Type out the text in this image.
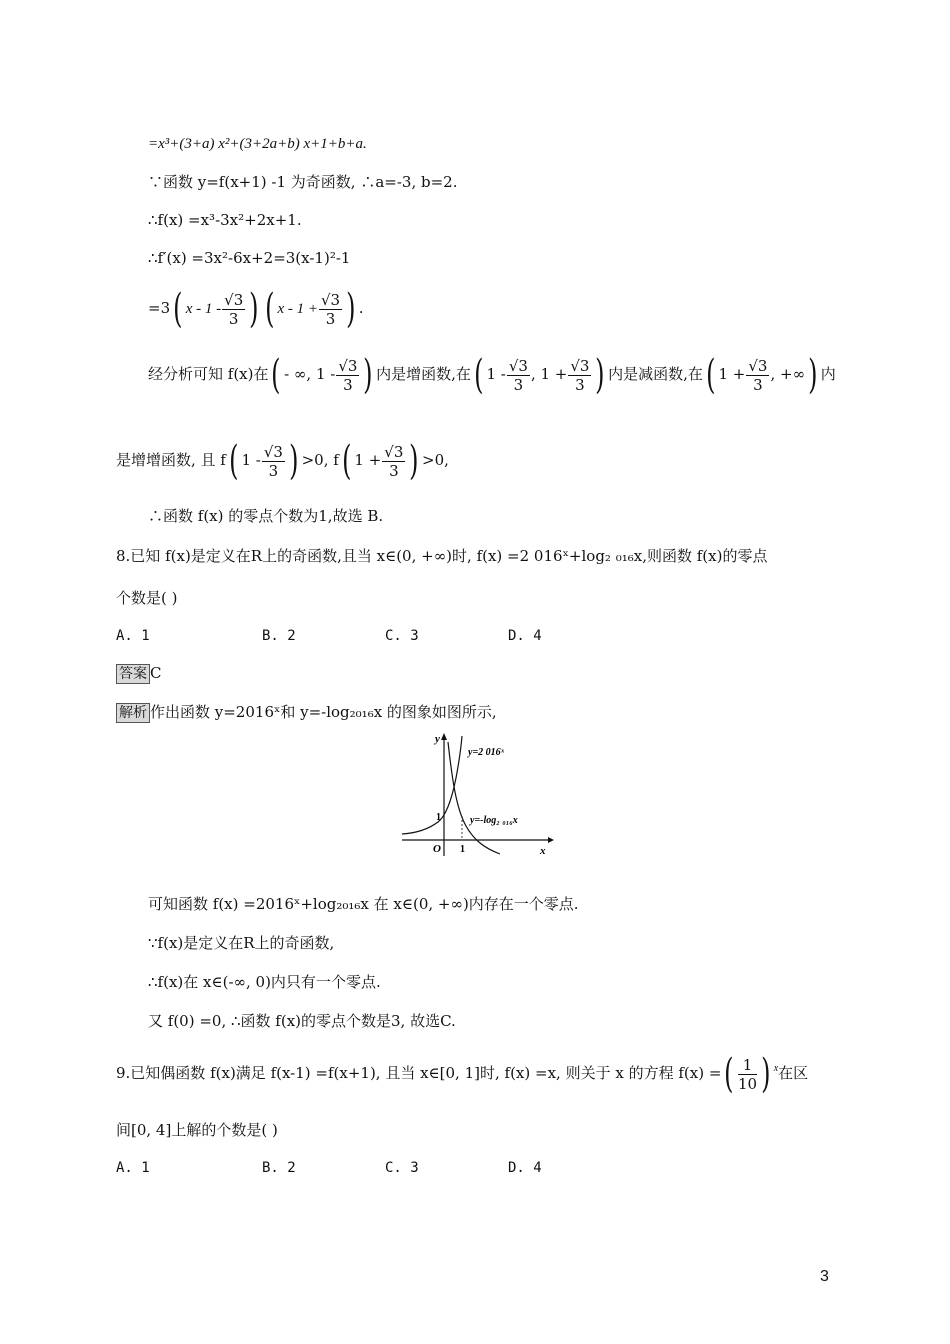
=x³+(3+a) x²+(3+2a+b) x+1+b+a.
∵函数 y=f(x+1) -1 为奇函数, ∴a=-3, b=2.
∴f(x) =x³-3x²+2x+1.
∴f′(x) =3x²-6x+2=3(x-1)²-1
=3( x - $1 - \frac{√3}{3}$ ) ( $x - 1 + \frac{√3}{3}$ ) .
经分析可知 f(x)在( - ∞, $1 - \frac{√3}{3}$ ) 内是增函数,在( $1 - \frac{√3}{3}$ , $1 + \frac{√3}{3}$ ) 内是减函数,在( $1 + \frac{√3}{3}$ , +∞) 内
是增增函数, 且 f( $1 - \frac{√3}{3}$ ) >0, f( $1 + \frac{√3}{3}$ ) >0,
∴函数 f(x) 的零点个数为1,故选 B.
8.已知 f(x)是定义在R上的奇函数,且当 x∈(0, +∞)时, f(x) =2 016ˣ+log₂ ₀₁₆x,则函数 f(x)的零点
个数是( )
A. 1	B. 2	C. 3	D. 4
答案 C
解析 作出函数 y=2016ˣ和 y=-log₂₀₁₆x 的图象如图所示,
y
x
O 1
1
y=2 016ˣ
y=-log₂ ₀₁₆x
可知函数 f(x) =2016ˣ+log₂₀₁₆x 在 x∈(0, +∞)内存在一个零点.
∵f(x)是定义在R上的奇函数,
∴f(x)在 x∈(-∞, 0)内只有一个零点.
又 f(0) =0, ∴函数 f(x)的零点个数是3, 故选C.
9.已知偶函数 f(x)满足 f(x-1) =f(x+1), 且当 x∈[0, 1]时, f(x) =x, 则关于 x 的方程 f(x) =( $\frac{1}{10}$ ) $^x$在区
间[0, 4]上解的个数是( )
A. 1	B. 2	C. 3	D. 4
3
